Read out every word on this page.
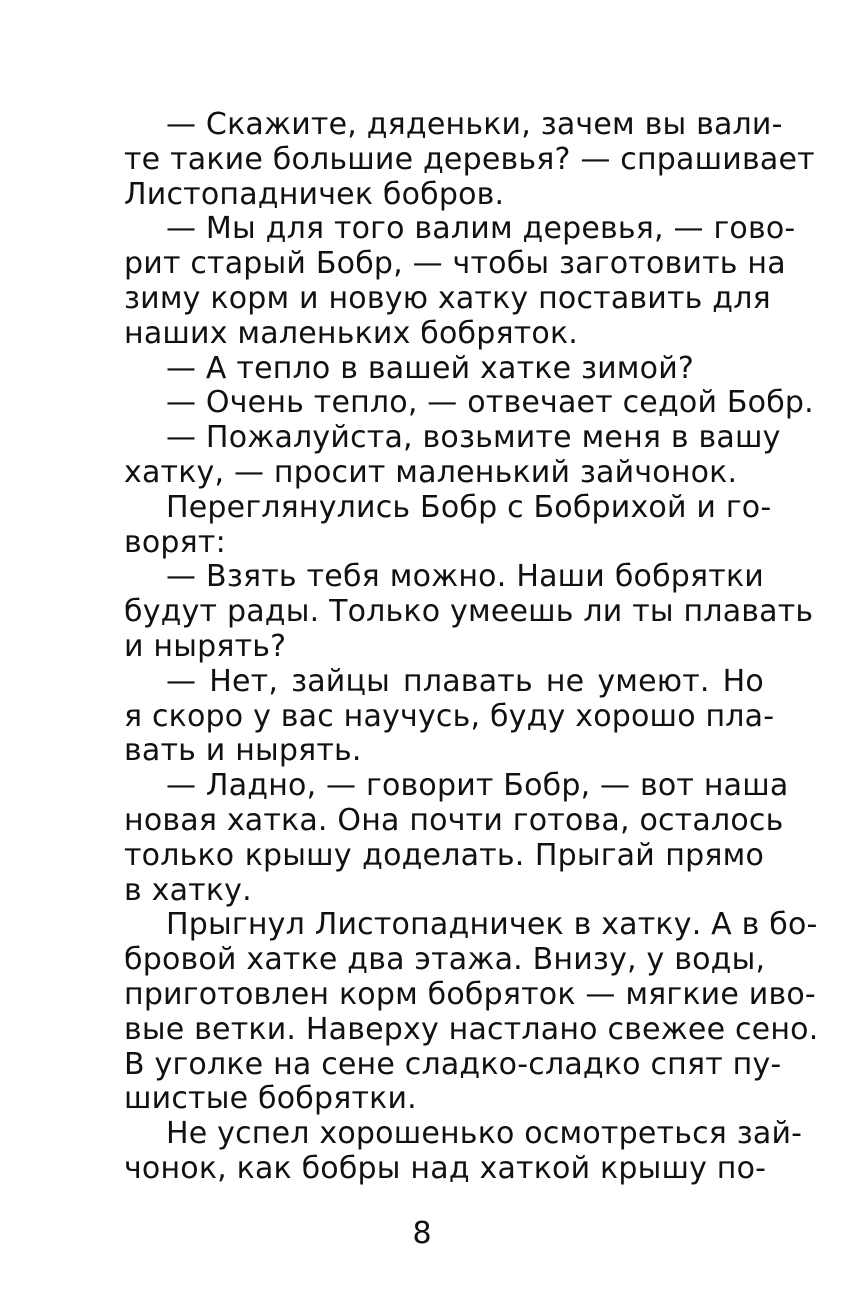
— Скажите, дяденьки, зачем вы вали-
те такие большие деревья? — спрашивает
Листопадничек бобров.
— Мы для того валим деревья, — гово-
рит старый Бобр, — чтобы заготовить на
зиму корм и новую хатку поставить для
наших маленьких бобряток.
— А тепло в вашей хатке зимой?
— Очень тепло, — отвечает седой Бобр.
— Пожалуйста, возьмите меня в вашу
хатку, — просит маленький зайчонок.
Переглянулись Бобр с Бобрихой и го-
ворят:
— Взять тебя можно. Наши бобрятки
будут рады. Только умеешь ли ты плавать
и нырять?
— Нет, зайцы плавать не умеют. Но
я скоро у вас научусь, буду хорошо пла-
вать и нырять.
— Ладно, — говорит Бобр, — вот наша
новая хатка. Она почти готова, осталось
только крышу доделать. Прыгай прямо
в хатку.
Прыгнул Листопадничек в хатку. А в бо-
бровой хатке два этажа. Внизу, у воды,
приготовлен корм бобряток — мягкие иво-
вые ветки. Наверху настлано свежее сено.
В уголке на сене сладко-сладко спят пу-
шистые бобрятки.
Не успел хорошенько осмотреться зай-
чонок, как бобры над хаткой крышу по-
8
